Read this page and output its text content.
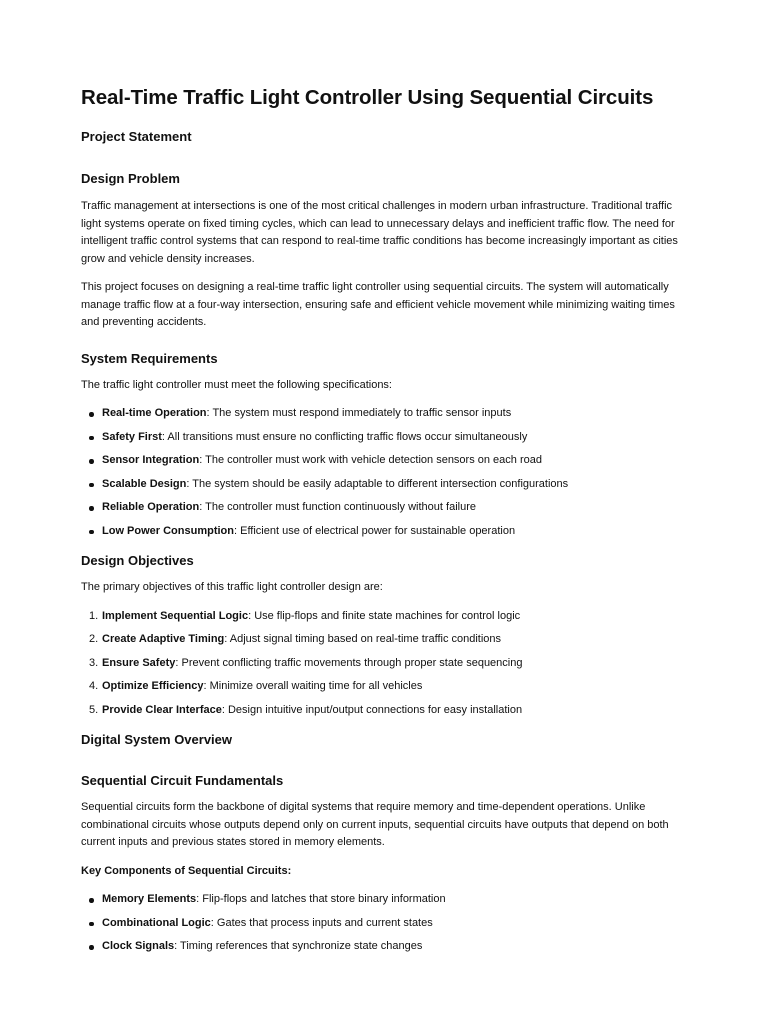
Real-Time Traffic Light Controller Using Sequential Circuits
Project Statement
Design Problem

Traffic management at intersections is one of the most critical challenges in modern urban infrastructure. Traditional traffic light systems operate on fixed timing cycles, which can lead to unnecessary delays and inefficient traffic flow. The need for intelligent traffic control systems that can respond to real-time traffic conditions has become increasingly important as cities grow and vehicle density increases.

This project focuses on designing a real-time traffic light controller using sequential circuits. The system will automatically manage traffic flow at a four-way intersection, ensuring safe and efficient vehicle movement while minimizing waiting times and preventing accidents.

System Requirements

The traffic light controller must meet the following specifications:

Real-time Operation: The system must respond immediately to traffic sensor inputs
Safety First: All transitions must ensure no conflicting traffic flows occur simultaneously
Sensor Integration: The controller must work with vehicle detection sensors on each road
Scalable Design: The system should be easily adaptable to different intersection configurations
Reliable Operation: The controller must function continuously without failure
Low Power Consumption: Efficient use of electrical power for sustainable operation
Design Objectives

The primary objectives of this traffic light controller design are:

1. Implement Sequential Logic: Use flip-flops and finite state machines for control logic
2. Create Adaptive Timing: Adjust signal timing based on real-time traffic conditions
3. Ensure Safety: Prevent conflicting traffic movements through proper state sequencing
4. Optimize Efficiency: Minimize overall waiting time for all vehicles
5. Provide Clear Interface: Design intuitive input/output connections for easy installation
Digital System Overview
Sequential Circuit Fundamentals

Sequential circuits form the backbone of digital systems that require memory and time-dependent operations. Unlike combinational circuits whose outputs depend only on current inputs, sequential circuits have outputs that depend on both current inputs and previous states stored in memory elements.

Key Components of Sequential Circuits:

Memory Elements: Flip-flops and latches that store binary information
Combinational Logic: Gates that process inputs and current states
Clock Signals: Timing references that synchronize state changes
